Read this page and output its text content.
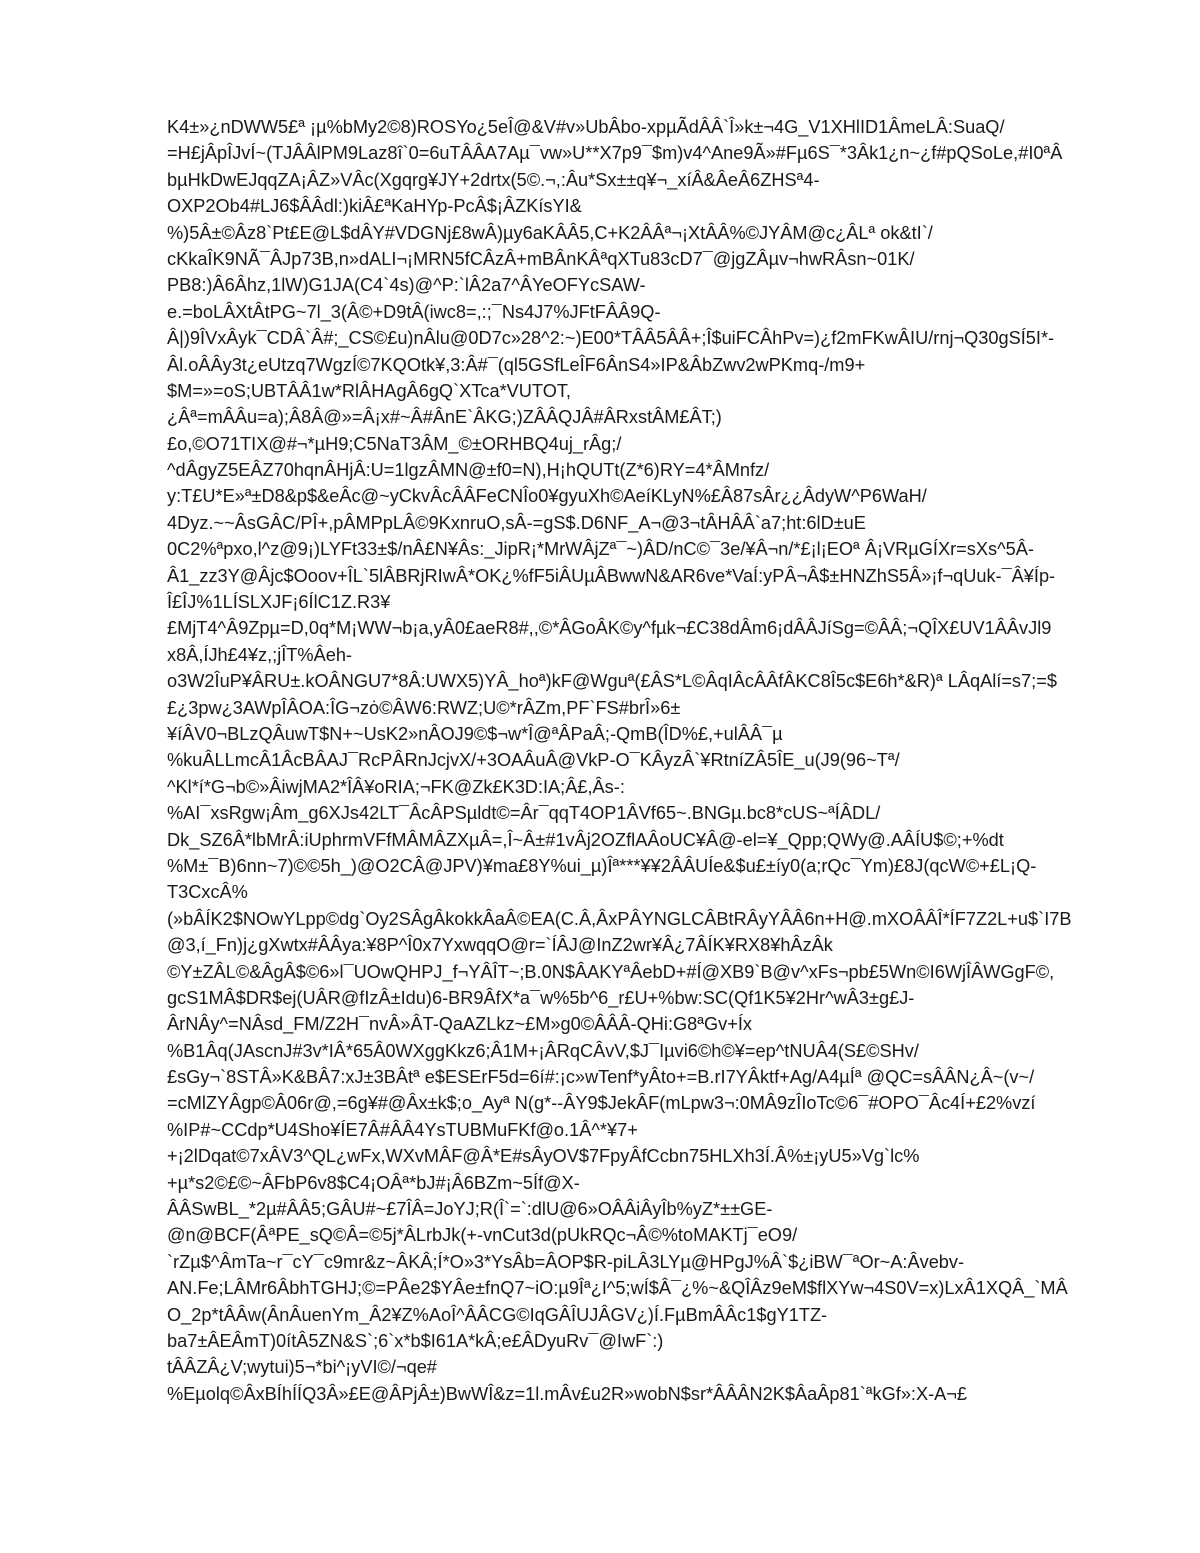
K4±»¿nDWW5£ª ¡µ%bMy2©8)ROSYo¿5eÎ@&V#v»UbÂbo-xpµÃdÂÂ`Î»k±¬4G_V1XHlID1ÂmeLÂ:SuaQ/
=H£jÂpÎJvÍ~(TJÂÂlPM9Laz8î`0=6uTÂÂA7Aµ¯vw»U**X7p9¯$m)v4^Ane9Ã»#Fµ6S¯*3Âk1¿n~¿f#pQSoLe,#I0ªÂ
bµHkDwEJqqZA¡ÂZ»VÂc(Xgqrg¥JY+2drtx(5©.¬,:Âu*Sx±±q¥¬_xíÂ&ÂeÂ6ZHSª4-
OXP2Ob4#LJ6$ÂÂdl:)kiÂ£ªKaHYp-PcÂ$¡ÂZKísYI&
%)5Â±©Âz8`Pt£E@L$dÂY#VDGNj£8wÂ)µy6aKÂÂ5,C+K2ÂÂª¬¡XtÂÂ%©JYÂM@c¿ÂLª ok&tI`/
cKkaÎK9NÃ¯ÂJp73B,n»dALI¬¡MRN5fCÂzÂ+mBÂnKÂªqXTu83cD7¯@jgZÂµv¬hwRÂsn~01K/
PB8:)Â6Âhz,1lW)G1JA(C4`4s)@^P:`lÂ2a7^ÂYeOFYcSAW-
e.=boLÂXtÂtPG~7l_3(Â©+D9tÂ(iwc8=,:;¯Ns4J7%JFtFÂÂ9Q-
Â|)9ÎVxÂyk¯CDÂ`Â#;_CS©£u)nÂlu@0D7c»28^2:~)E00*TÂÂ5ÂÂ+;Î$uiFCÂhPv=)¿f2mFKwÂIU/rnj¬Q30gSÍ5I*-
Âl.oÂÂy3t¿eUtzq7WgzÍ©7KQOtk¥,3:Â#¯(ql5GSfLeÎF6ÂnS4»IP&ÂbZwv2wPKmq-/m9+
$M=»=oS;UBTÂÂ1w*RlÂHAgÂ6gQ`XTca*VUTOT,
¿Âª=mÂÂu=a);Â8Â@»=Â¡x#~Â#ÂnE`ÂKG;)ZÂÂQJÂ#ÂRxstÂM£ÂT;)
£o,©O71TIX@#¬*µH9;C5NaT3ÂM_©±ORHBQ4uj_rÂg;/
^dÂgyZ5EÂZ70hqnÂHjÂ:U=1lgzÂMN@±f0=N),H¡hQUTt(Z*6)RY=4*ÂMnfz/
y:T£U*E»ª±D8&p$&eÂc@~yCkvÂcÂÂFeCNÎo0¥gyuXh©AeíKLyN%£Â87sÂr¿¿ÂdyW^P6WaH/
4Dyz.~~ÂsGÂC/PÎ+,pÂMPpLÂ©9KxnruO,sÂ-=gS$.D6NF_A¬@3¬tÂHÂÂ`a7;ht:6lD±uE
0C2%ªpxo,l^z@9¡)LYFt33±$/nÂ£N¥Âs:_JipR¡*MrWÂjZª¯~)ÂD/nC©¯3e/¥Â¬n/*£¡l¡EOª Â¡VRµGÍXr=sXs^5Â-
Â1_zz3Y@Âjc$Ooov+ÎL`5lÂBRjRIwÂ*OK¿%fF5iÂUµÂBwwN&AR6ve*VaÍ:yPÂ¬Â$±HNZhS5Â»¡f¬qUuk-¯Â¥Íp-
Î£ÎJ%1LÍSLXJF¡6ÍlC1Z.R3¥
£MjT4^Â9Zpµ=D,0q*M¡WW¬b¡a,yÂ0£aeR8#,,©*ÂGoÂK©y^fµk¬£C38dÂm6¡dÂÂJíSg=©ÂÂ;¬QÎX£UV1ÂÂvJl9
x8Â,ÍJh£4¥z,;jÎT%Âeh-
o3W2ÎuP¥ÂRU±.kOÂNGU7*8Â:UWX5)YÂ_hoª)kF@Wguª(£ÂS*L©ÂqIÂcÂÂfÂKC8Î5c$E6h*&R)ª LÂqAlí=s7;=$
£¿3pw¿3AWpÎÂOA:ÎG¬zȯ©ÂW6:RWZ;U©*rÂZm,PF`FS#brÎ»6±
¥íÂV0¬BLzQÂuwT$N+~UsK2»nÂOJ9©$¬w*Î@ªÂPaÂ;-QmB(ÎD%£,+ulÂÂ¯µ
%kuÂLLmcÂ1ÂcBÂAJ¯RcPÂRnJcjvX/+3OAÂuÂ@VkP-O¯KÂyzÂ`¥RtníZÂ5ÎE_u(J9(96~Tª/
^Kl*í*G¬b©»ÂiwjMA2*ÎÂ¥oRIA;¬FK@Zk£K3D:IA;Â£,Âs-:
%AI¯xsRgw¡Âm_g6XJs42LT¯ÂcÂPSµldt©=Âr¯qqT4OP1ÂVf65~.BNGµ.bc8*cUS~ªÍÂDL/
Dk_SZ6Â*lbMrÂ:iUphrmVFfMÂMÂZXµÂ=,Î~Â±#1vÂj2OZflAÂoUC¥Â@-el=¥_Qpp;QWy@.AÂÍU$©;+%dt
%M±¯B)6nn~7)©©5h_)@O2CÂ@JPV)¥ma£8Y%ui_µ)Îª***¥¥2ÂÂUÍe&$u£±íy0(a;rQc¯Ym)£8J(qcW©+£L¡Q-
T3CxcÂ%
(»bÂÍK2$NOwYLpp©dg`Oy2SÂgÂkokkÂaÂ©EA(C.Â,ÂxPÂYNGLCÂBtRÂyYÂÂ6n+H@.mXOÂÂÎ*ÍF7Z2L+u$`I7B
@3,í_Fn)j¿gXwtx#ÂÂya:¥8P^Î0x7YxwqqO@r=`ÍÂJ@InZ2wr¥Â¿7ÂÍK¥RX8¥hÂzÂk
©Y±ZÂL©&ÂgÂ$©6»l¯UOwQHPJ_f¬YÂÎT~;B.0N$ÂAKYªÂebD+#Í@XB9`B@v^xFs¬pb£5Wn©I6WjÎÂWGgF©,
gcS1MÂ$DR$ej(UÂR@fIzÂ±Idu)6-BR9ÂfX*a¯w%5b^6_r£U+%bw:SC(Qf1K5¥2Hr^wÂ3±g£J-
ÂrNÂy^=NÂsd_FM/Z2H¯nvÂ»ÂT-QaAZLkz~£M»g0©ÂÂÂ-QHi:G8ªGv+Íx
%B1Âq(JAscnJ#3v*IÂ*65Â0WXggKkz6;Â1M+¡ÂRqCÂvV,$J¯Iµvi6©h©¥=ep^tNUÂ4(S£©SHv/
£sGy¬`8STÂ»K&BÂ7:xJ±3BÂtª e$ESErF5d=6í#:¡c»wTenf*yÂto+=B.rI7YÂktf+Ag/A4µÍª @QC=sÂÂN¿Â~(v~/
=cMlZYÂgp©Â06r@,=6g¥#@Âx±k$;o_Ayª N(g*--ÂY9$JekÂF(mLpw3¬:0MÂ9zÎIoTc©6¯#OPO¯Âc4Í+£2%vzí
%IP#~CCdp*U4Sho¥ÍE7Â#ÂÂ4YsTUBMuFKf@o.1Â^*¥7+
+¡2lDqat©7xÂV3^QL¿wFx,WXvMÂF@Â*E#sÂyOV$7FpyÂfCcbn75HLXh3Í.Â%±¡yU5»Vg`lc%
+µ*s2©£©~ÂFbP6v8$C4¡OÂª*bJ#¡Â6BZm~5Íf@X-
ÂÂSwBL_*2µ#ÂÂ5;GÂU#~£7ÎÂ=JoYJ;R(Î`=`:dlU@6»OÂÂiÂyÎb%yZ*±±GE-
@n@BCF(ÂªPE_sQ©Â=©5j*ÂLrbJk(+-vnCut3d(pUkRQc¬Â©%toMAKTj¯eO9/
`rZµ$^ÂmTa~r¯cY¯c9mr&z~ÂKÂ;Í*O»3*YsÂb=ÂOP$R-piLÂ3LYµ@HPgJ%Â`$¿iBW¯ªOr~A:Âvebv-
AN.Fe;LÂMr6ÂbhTGHJ;©=PÂe2$YÂe±fnQ7~iO:µ9Îª¿I^5;wÍ$Â¯¿%~&QÎÂz9eM$flXYw¬4S0V=x)LxÂ1XQÂ_`MÂ
O_2p*tÂÂw(ÂnÂuenYm_Â2¥Z%AoÎ^ÂÂCG©IqGÂÎUJÂGV¿)Í.FµBmÂÂc1$gY1TZ-
ba7±ÂEÂmT)0ítÂ5ZN&S`;6`x*b$I61A*kÂ;e£ÂDyuRv¯@IwF`:)
tÂÂZÂ¿V;wytui)5¬*bi^¡yVI©/¬qe#
%Eµolq©ÂxBÍhÍÍQ3Â»£E@ÂPjÂ±)BwWÎ&z=1l.mÂv£u2R»wobN$sr*ÂÂÂN2K$ÂaÂp81`ªkGf»:X-A¬£
